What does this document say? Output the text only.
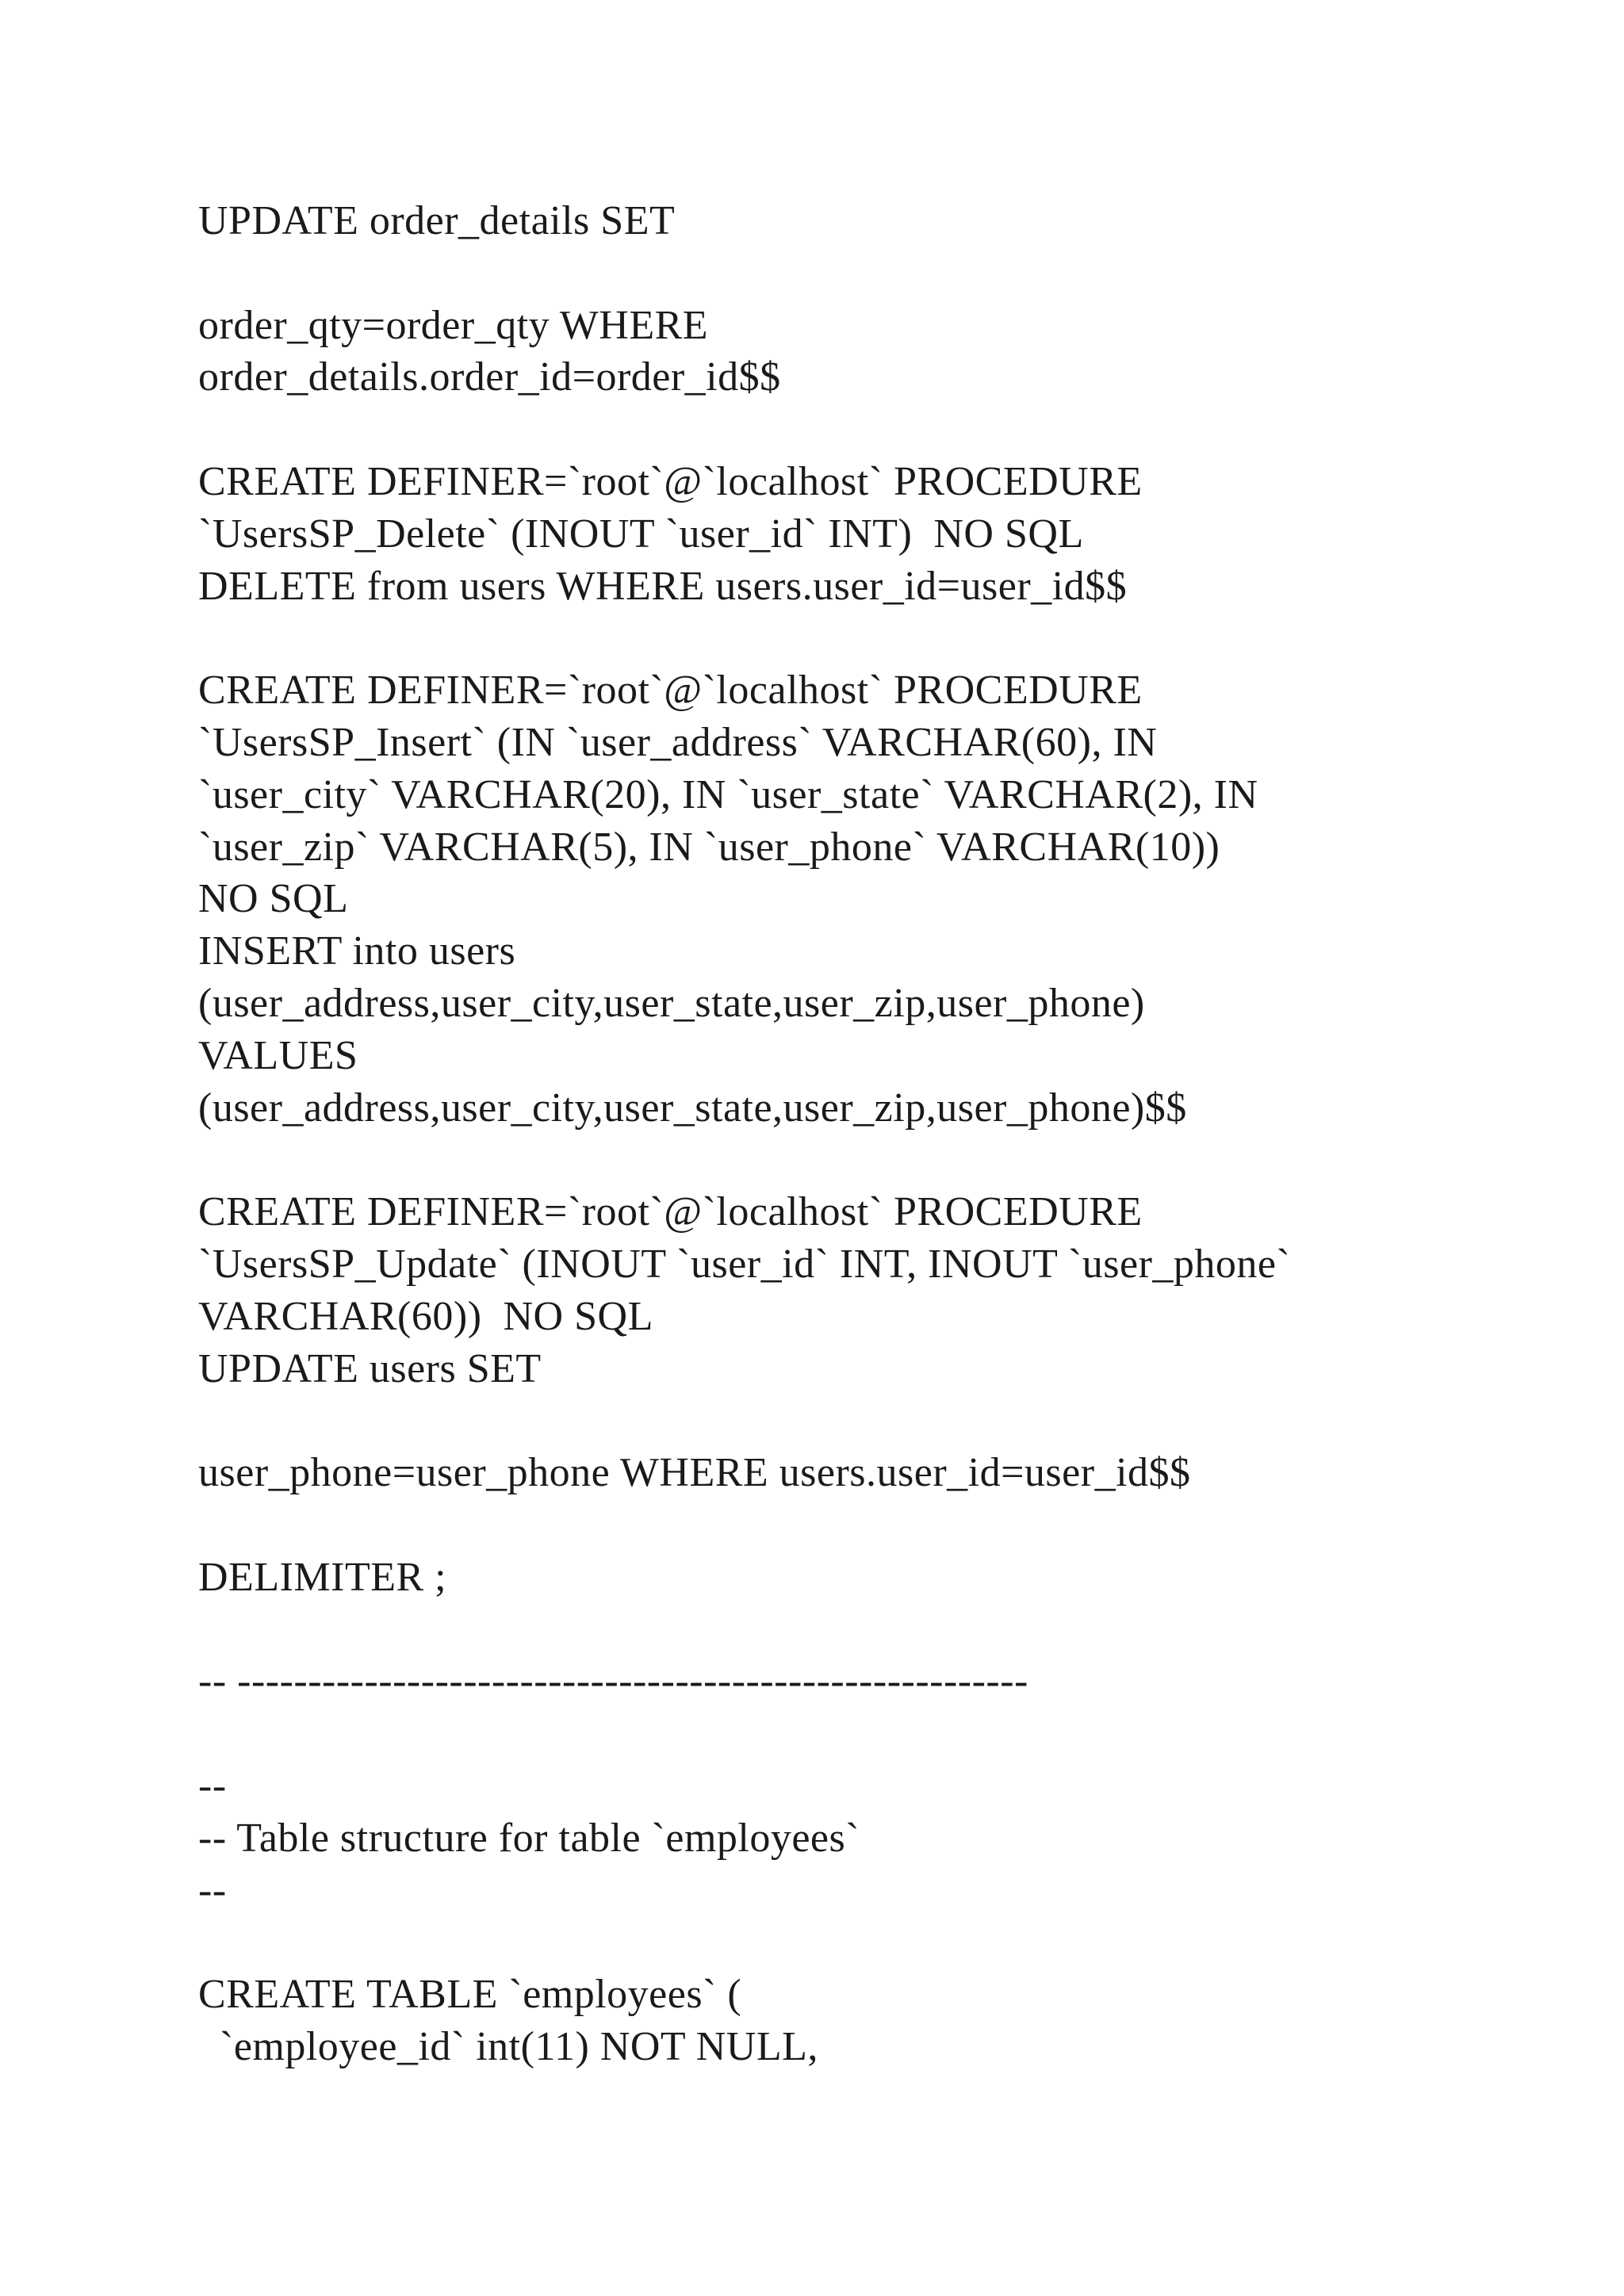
UPDATE order_details SET
order_qty=order_qty WHERE
order_details.order_id=order_id$$
CREATE DEFINER=`root`@`localhost` PROCEDURE
`UsersSP_Delete` (INOUT `user_id` INT)  NO SQL
DELETE from users WHERE users.user_id=user_id$$
CREATE DEFINER=`root`@`localhost` PROCEDURE
`UsersSP_Insert` (IN `user_address` VARCHAR(60), IN
`user_city` VARCHAR(20), IN `user_state` VARCHAR(2), IN
`user_zip` VARCHAR(5), IN `user_phone` VARCHAR(10))
NO SQL
INSERT into users
(user_address,user_city,user_state,user_zip,user_phone)
VALUES
(user_address,user_city,user_state,user_zip,user_phone)$$
CREATE DEFINER=`root`@`localhost` PROCEDURE
`UsersSP_Update` (INOUT `user_id` INT, INOUT `user_phone`
VARCHAR(60))  NO SQL
UPDATE users SET
user_phone=user_phone WHERE users.user_id=user_id$$
DELIMITER ;
-- --------------------------------------------------------
--
-- Table structure for table `employees`
--
CREATE TABLE `employees` (
`employee_id` int(11) NOT NULL,
